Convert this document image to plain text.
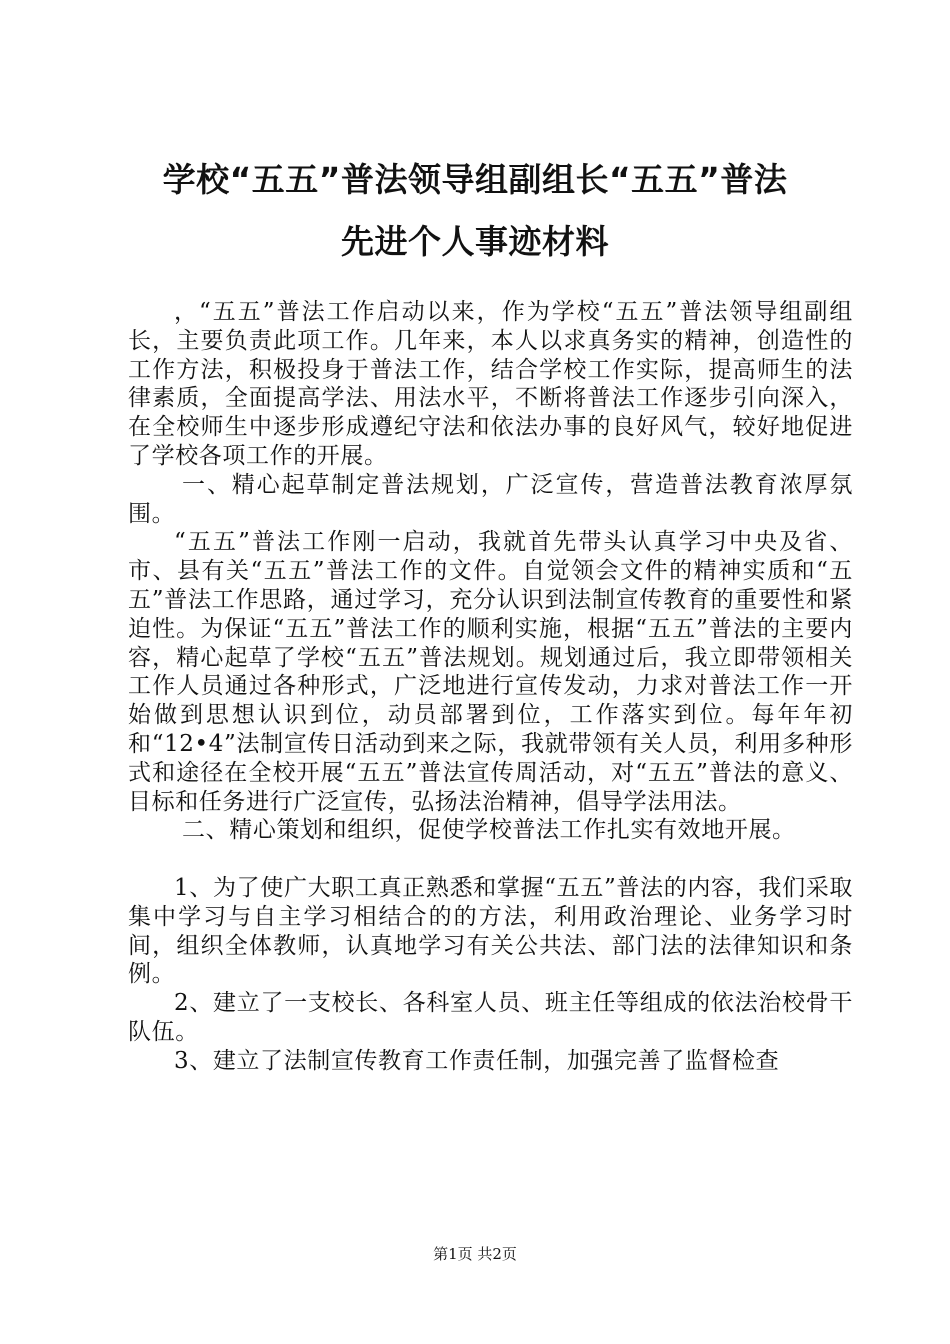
学校“五五”普法领导组副组长“五五”普法
先进个人事迹材料

，“五五”普法工作启动以来，作为学校“五五”普法领导组副组长，主要负责此项工作。几年来，本人以求真务实的精神，创造性的工作方法，积极投身于普法工作，结合学校工作实际，提高师生的法律素质，全面提高学法、用法水平，不断将普法工作逐步引向深入，在全校师生中逐步形成遵纪守法和依法办事的良好风气，较好地促进了学校各项工作的开展。

一、精心起草制定普法规划，广泛宣传，营造普法教育浓厚氛围。

“五五”普法工作刚一启动，我就首先带头认真学习中央及省、市、县有关“五五”普法工作的文件。自觉领会文件的精神实质和“五五”普法工作思路，通过学习，充分认识到法制宣传教育的重要性和紧迫性。为保证“五五”普法工作的顺利实施，根据“五五”普法的主要内容，精心起草了学校“五五”普法规划。规划通过后，我立即带领相关工作人员通过各种形式，广泛地进行宣传发动，力求对普法工作一开始做到思想认识到位，动员部署到位，工作落实到位。每年年初和“12•4”法制宣传日活动到来之际，我就带领有关人员，利用多种形式和途径在全校开展“五五”普法宣传周活动，对“五五”普法的意义、目标和任务进行广泛宣传，弘扬法治精神，倡导学法用法。

二、精心策划和组织，促使学校普法工作扎实有效地开展。

1、为了使广大职工真正熟悉和掌握“五五”普法的内容，我们采取集中学习与自主学习相结合的的方法，利用政治理论、业务学习时间，组织全体教师，认真地学习有关公共法、部门法的法律知识和条例。

2、建立了一支校长、各科室人员、班主任等组成的依法治校骨干队伍。

3、建立了法制宣传教育工作责任制，加强完善了监督检查

第1页 共2页
